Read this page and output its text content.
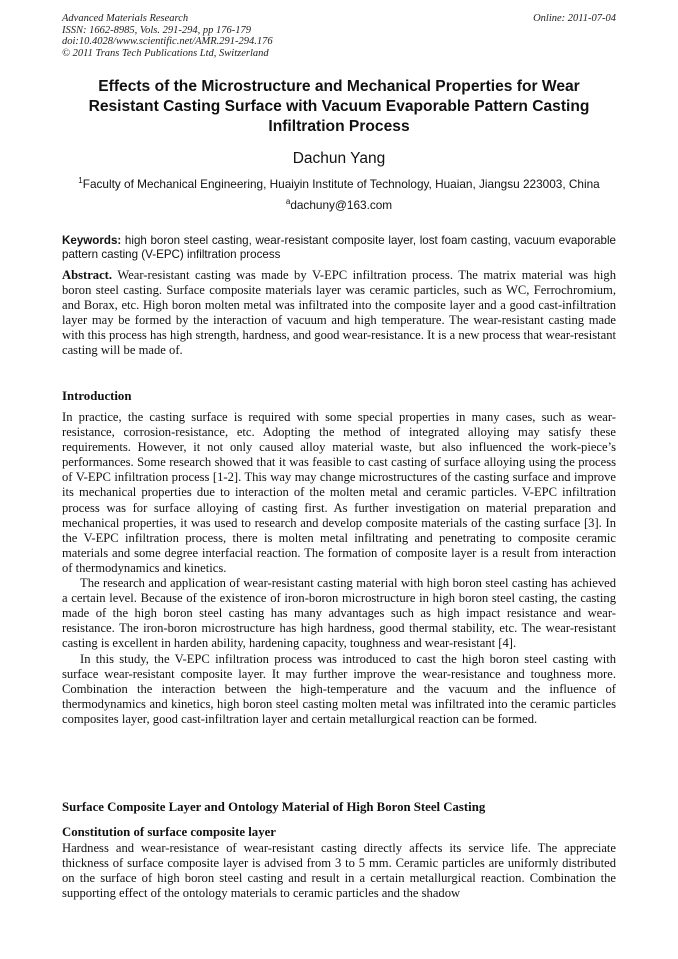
Advanced Materials Research
ISSN: 1662-8985, Vols. 291-294, pp 176-179
doi:10.4028/www.scientific.net/AMR.291-294.176
© 2011 Trans Tech Publications Ltd, Switzerland
Online: 2011-07-04
Effects of the Microstructure and Mechanical Properties for Wear Resistant Casting Surface with Vacuum Evaporable Pattern Casting Infiltration Process
Dachun Yang
$^1$Faculty of Mechanical Engineering, Huaiyin Institute of Technology, Huaian, Jiangsu 223003, China
$^a$dachuny@163.com
Keywords: high boron steel casting, wear-resistant composite layer, lost foam casting, vacuum evaporable pattern casting (V-EPC) infiltration process

Abstract. Wear-resistant casting was made by V-EPC infiltration process. The matrix material was high boron steel casting. Surface composite materials layer was ceramic particles, such as WC, Ferrochromium, and Borax, etc. High boron molten metal was infiltrated into the composite layer and a good cast-infiltration layer may be formed by the interaction of vacuum and high temperature. The wear-resistant casting made with this process has high strength, hardness, and good wear-resistance. It is a new process that wear-resistant casting will be made of.

Introduction

In practice, the casting surface is required with some special properties in many cases, such as wear-resistance, corrosion-resistance, etc. Adopting the method of integrated alloying may satisfy these requirements. However, it not only caused alloy material waste, but also influenced the work-piece’s performances. Some research showed that it was feasible to cast casting of surface alloying using the process of V-EPC infiltration process [1-2]. This way may change microstructures of the casting surface and improve its mechanical properties due to interaction of the molten metal and ceramic particles. V-EPC infiltration process was for surface alloying of casting first. As further investigation on material preparation and mechanical properties, it was used to research and develop composite materials of the casting surface [3]. In the V-EPC infiltration process, there is molten metal infiltrating and penetrating to composite ceramic materials and some degree interfacial reaction. The formation of composite layer is a result from interaction of thermodynamics and kinetics.

The research and application of wear-resistant casting material with high boron steel casting has achieved a certain level. Because of the existence of iron-boron microstructure in high boron steel casting, the casting made of the high boron steel casting has many advantages such as high impact resistance and wear-resistance. The iron-boron microstructure has high hardness, good thermal stability, etc. The wear-resistant casting is excellent in harden ability, hardening capacity, toughness and wear-resistant [4].

In this study, the V-EPC infiltration process was introduced to cast the high boron steel casting with surface wear-resistant composite layer. It may further improve the wear-resistance and toughness more. Combination the interaction between the high-temperature and the vacuum and the influence of thermodynamics and kinetics, high boron steel casting molten metal was infiltrated into the ceramic particles composites layer, good cast-infiltration layer and certain metallurgical reaction can be formed.

Surface Composite Layer and Ontology Material of High Boron Steel Casting
Constitution of surface composite layer

Hardness and wear-resistance of wear-resistant casting directly affects its service life. The appreciate thickness of surface composite layer is advised from 3 to 5 mm. Ceramic particles are uniformly distributed on the surface of high boron steel casting and result in a certain metallurgical reaction. Combination the supporting effect of the ontology materials to ceramic particles and the shadow
